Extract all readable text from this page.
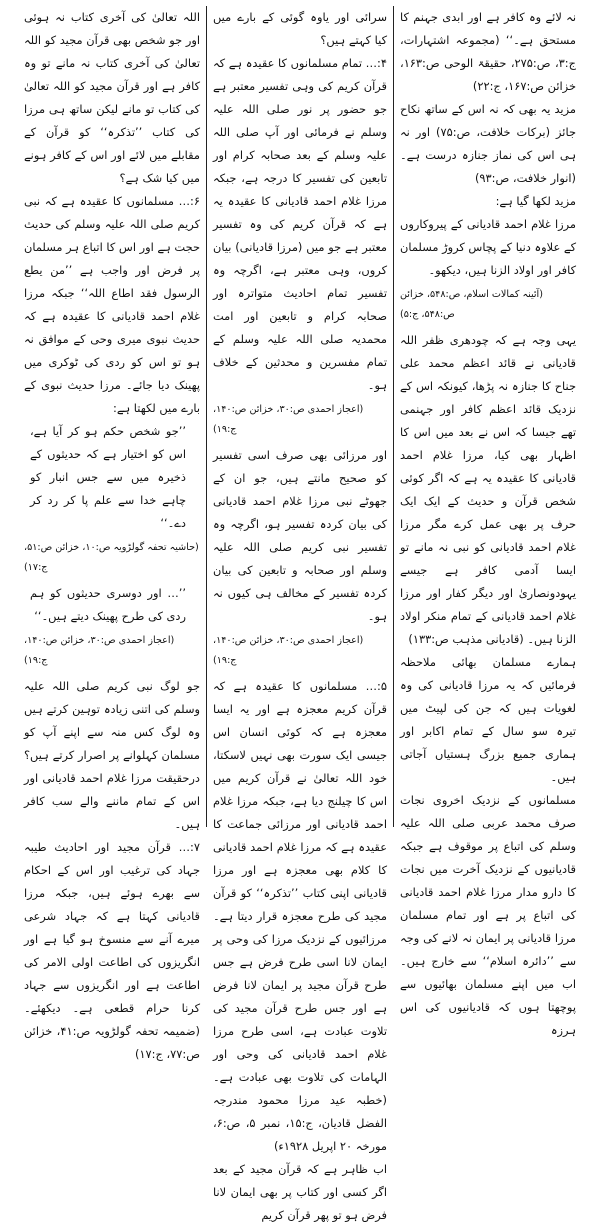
نہ لائے وہ کافر ہے اور ابدی جہنم کا مستحق ہے۔‘‘ (مجموعہ اشتہارات، ج:۳، ص:۲۷۵، حقیقۃ الوحی ص:۱۶۳، خزائن ص:۱۶۷، ج:۲۲)

مزید یہ بھی کہ نہ اس کے ساتھ نکاح جائز (برکات خلافت، ص:۷۵) اور نہ ہی اس کی نماز جنازہ درست ہے۔ (انوار خلافت، ص:۹۳)

مزید لکھا گیا ہے:

مرزا غلام احمد قادیانی کے پیروکاروں کے علاوہ دنیا کے پچاس کروڑ مسلمان کافر اور اولاد الزنا ہیں، دیکھو۔

(آئینہ کمالات اسلام، ص:۵۴۸، خزائن ص:۵۴۸، ج:۵)

یہی وجہ ہے کہ چودھری ظفر اللہ قادیانی نے قائد اعظم محمد علی جناح کا جنازہ نہ پڑھا، کیونکہ اس کے نزدیک قائد اعظم کافر اور جہنمی تھے جیسا کہ اس نے بعد میں اس کا اظہار بھی کیا، مرزا غلام احمد قادیانی کا عقیدہ یہ ہے کہ اگر کوئی شخص قرآن و حدیث کے ایک ایک حرف پر بھی عمل کرے مگر مرزا غلام احمد قادیانی کو نبی نہ مانے تو ایسا آدمی کافر ہے جیسے یہودونصاریٰ اور دیگر کفار اور مرزا غلام احمد قادیانی کے تمام منکر اولاد الزنا ہیں۔ (قادیانی مذہب ص:۱۳۳)

ہمارے مسلمان بھائی ملاحظہ فرمائیں کہ یہ مرزا قادیانی کی وہ لغویات ہیں کہ جن کی لپیٹ میں تیرہ سو سال کے تمام اکابر اور ہماری جمیع بزرگ ہستیاں آجاتی ہیں۔

مسلمانوں کے نزدیک اخروی نجات صرف محمد عربی صلی اللہ علیہ وسلم کی اتباع پر موقوف ہے جبکہ قادیانیوں کے نزدیک آخرت میں نجات کا دارو مدار مرزا غلام احمد قادیانی کی اتباع پر ہے اور تمام مسلمان مرزا قادیانی پر ایمان نہ لانے کی وجہ سے ’’دائرہ اسلام‘‘ سے خارج ہیں۔ اب میں اپنے مسلمان بھائیوں سے پوچھتا ہوں کہ قادیانیوں کی اس ہرزہ

سرائی اور یاوہ گوئی کے بارے میں کیا کہتے ہیں؟

۴:… تمام مسلمانوں کا عقیدہ ہے کہ قرآن کریم کی وہی تفسیر معتبر ہے جو حضور پر نور صلی اللہ علیہ وسلم نے فرمائی اور آپ صلی اللہ علیہ وسلم کے بعد صحابہ کرام اور تابعین کی تفسیر کا درجہ ہے، جبکہ مرزا غلام احمد قادیانی کا عقیدہ یہ ہے کہ قرآن کریم کی وہ تفسیر معتبر ہے جو میں (مرزا قادیانی) بیان کروں، وہی معتبر ہے، اگرچہ وہ تفسیر تمام احادیث متواترہ اور صحابہ کرام و تابعین اور امت محمدیہ صلی اللہ علیہ وسلم کے تمام مفسرین و محدثین کے خلاف ہو۔

(اعجاز احمدی ص:۳۰، خزائن ص:۱۴۰، ج:۱۹)

اور مرزائی بھی صرف اسی تفسیر کو صحیح مانتے ہیں، جو ان کے جھوٹے نبی مرزا غلام احمد قادیانی کی بیان کردہ تفسیر ہو، اگرچہ وہ تفسیر نبی کریم صلی اللہ علیہ وسلم اور صحابہ و تابعین کی بیان کردہ تفسیر کے مخالف ہی کیوں نہ ہو۔

(اعجاز احمدی ص:۳۰، خزائن ص:۱۴۰، ج:۱۹)

۵:… مسلمانوں کا عقیدہ ہے کہ قرآن کریم معجزہ ہے اور یہ ایسا معجزہ ہے کہ کوئی انسان اس جیسی ایک سورت بھی نہیں لاسکتا، خود اللہ تعالیٰ نے قرآن کریم میں اس کا چیلنج دیا ہے، جبکہ مرزا غلام احمد قادیانی اور مرزائی جماعت کا عقیدہ ہے کہ مرزا غلام احمد قادیانی کا کلام بھی معجزہ ہے اور مرزا قادیانی اپنی کتاب ’’تذکرہ‘‘ کو قرآن مجید کی طرح معجزہ قرار دیتا ہے۔ مرزائیوں کے نزدیک مرزا کی وحی پر ایمان لانا اسی طرح فرض ہے جس طرح قرآن مجید پر ایمان لانا فرض ہے اور جس طرح قرآن مجید کی تلاوت عبادت ہے، اسی طرح مرزا غلام احمد قادیانی کی وحی اور الہامات کی تلاوت بھی عبادت ہے۔ (خطبہ عید مرزا محمود مندرجہ الفضل قادیان، ج:۱۵، نمبر ۵، ص:۶، مورخہ ۲۰ اپریل ۱۹۲۸ء)

اب ظاہر ہے کہ قرآن مجید کے بعد اگر کسی اور کتاب پر بھی ایمان لانا فرض ہو تو پھر قرآن کریم

اللہ تعالیٰ کی آخری کتاب نہ ہوئی اور جو شخص بھی قرآن مجید کو اللہ تعالیٰ کی آخری کتاب نہ مانے تو وہ کافر ہے اور قرآن مجید کو اللہ تعالیٰ کی کتاب تو مانے لیکن ساتھ ہی مرزا کی کتاب ’’تذکرہ‘‘ کو قرآن کے مقابلے میں لائے اور اس کے کافر ہونے میں کیا شک ہے؟

۶:… مسلمانوں کا عقیدہ ہے کہ نبی کریم صلی اللہ علیہ وسلم کی حدیث حجت ہے اور اس کا اتباع ہر مسلمان پر فرض اور واجب ہے ’’من یطع الرسول فقد اطاع اللہ‘‘ جبکہ مرزا غلام احمد قادیانی کا عقیدہ ہے کہ حدیث نبوی میری وحی کے موافق نہ ہو تو اس کو ردی کی ٹوکری میں پھینک دیا جائے۔ مرزا حدیث نبوی کے بارے میں لکھتا ہے:

’’جو شخص حکم ہو کر آیا ہے، اس کو اختیار ہے کہ حدیثوں کے ذخیرہ میں سے جس انبار کو چاہے خدا سے علم پا کر رد کر دے۔‘‘

(حاشیہ تحفہ گولڑویہ ص:۱۰، خزائن ص:۵۱، ج:۱۷)

’’… اور دوسری حدیثوں کو ہم ردی کی طرح پھینک دیتے ہیں۔‘‘

(اعجاز احمدی ص:۳۰، خزائن ص:۱۴۰، ج:۱۹)

جو لوگ نبی کریم صلی اللہ علیہ وسلم کی اتنی زیادہ توہین کرتے ہیں وہ لوگ کس منہ سے اپنے آپ کو مسلمان کہلوانے پر اصرار کرتے ہیں؟ درحقیقت مرزا غلام احمد قادیانی اور اس کے تمام ماننے والے سب کافر ہیں۔

۷:… قرآن مجید اور احادیث طیبہ جہاد کی ترغیب اور اس کے احکام سے بھرے ہوئے ہیں، جبکہ مرزا قادیانی کہتا ہے کہ جہاد شرعی میرے آنے سے منسوخ ہو گیا ہے اور انگریزوں کی اطاعت اولی الامر کی اطاعت ہے اور انگریزوں سے جہاد کرنا حرام قطعی ہے۔ دیکھئے۔ (ضمیمہ تحفہ گولڑویہ ص:۴۱، خزائن ص:۷۷، ج:۱۷)
